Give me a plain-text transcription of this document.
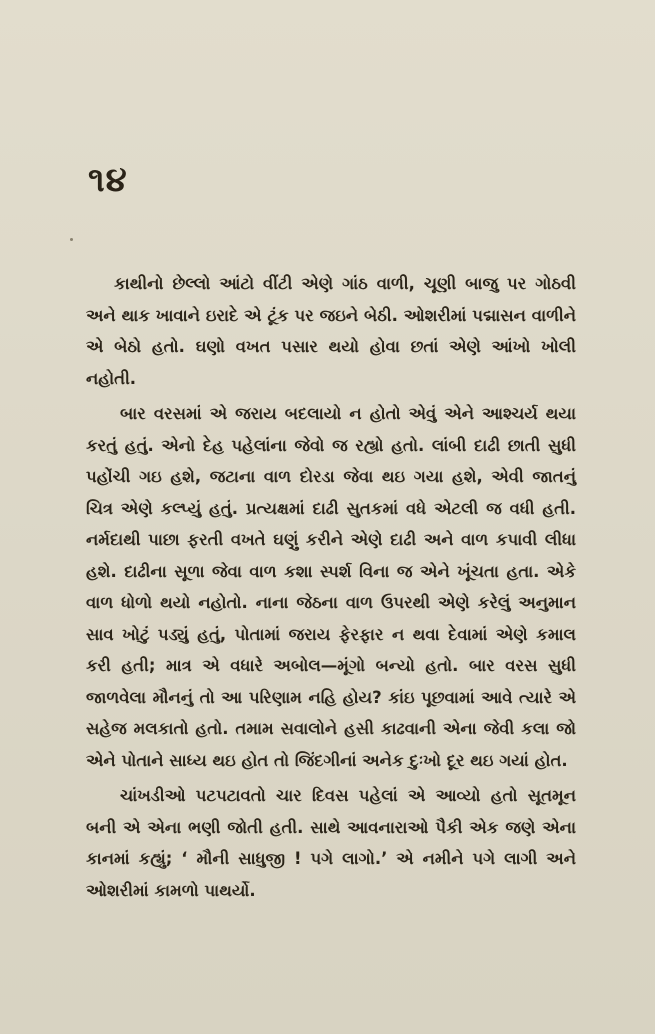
૧૪

કાથીનો છેલ્લો આંટો વીંટી એણે ગાંઠ વાળી, ચૂણી બાજુ પર ગોઠવી અને થાક ખાવાને ઇરાદે એ ટૂંક પર જઇને બેઠી. ઓશરીમાં પદ્માસન વાળીને એ બેઠો હતો. ઘણો વખત પસાર થયો હોવા છતાં એણે આંખો ખોલી નહોતી.

બાર વરસમાં એ જરાય બદલાયો ન હોતો એવું એને આશ્ચર્ય થયા કરતું હતું. એનો દેહ પહેલાંના જેવો જ રહ્યો હતો. લાંબી દાઢી છાતી સુધી પહોંચી ગઇ હશે, જટાના વાળ દોરડા જેવા થઇ ગયા હશે, એવી જાતનું ચિત્ર એણે કલ્પ્યું હતું. પ્રત્યક્ષમાં દાઢી સુતકમાં વધે એટલી જ વધી હતી. નર્મદાથી પાછા ફરતી વખતે ઘણું કરીને એણે દાઢી અને વાળ કપાવી લીધા હશે. દાઢીના સૂળા જેવા વાળ કશા સ્પર્શ વિના જ એને ખૂંચતા હતા. એકે વાળ ધોળો થયો નહોતો. નાના જેઠના વાળ ઉપરથી એણે કરેલું અનુમાન સાવ ખોટું પડ્યું હતું, પોતામાં જરાય ફેરફાર ન થવા દેવામાં એણે કમાલ કરી હતી; માત્ર એ વધારે અબોલ—મૂંગો બન્યો હતો. બાર વરસ સુધી જાળવેલા મૌનનું તો આ પરિણામ નહિ હોય? કાંઇ પૂછવામાં આવે ત્યારે એ સહેજ મલકાતો હતો. તમામ સવાલોને હસી કાઢવાની એના જેવી કલા જો એને પોતાને સાધ્ય થઇ હોત તો જિંદગીનાં અનેક દુઃખો દૂર થઇ ગયાં હોત.

ચાંખડીઓ પટપટાવતો ચાર દિવસ પહેલાં એ આવ્યો હતો સૂતમૂન બની એ એના ભણી જોતી હતી. સાથે આવનારાઓ પૈકી એક જણે એના કાનમાં કહ્યું; ‘ મૌની સાધુજી ! પગે લાગો.’ એ નમીને પગે લાગી અને ઓશરીમાં કામળો પાથર્યો.
